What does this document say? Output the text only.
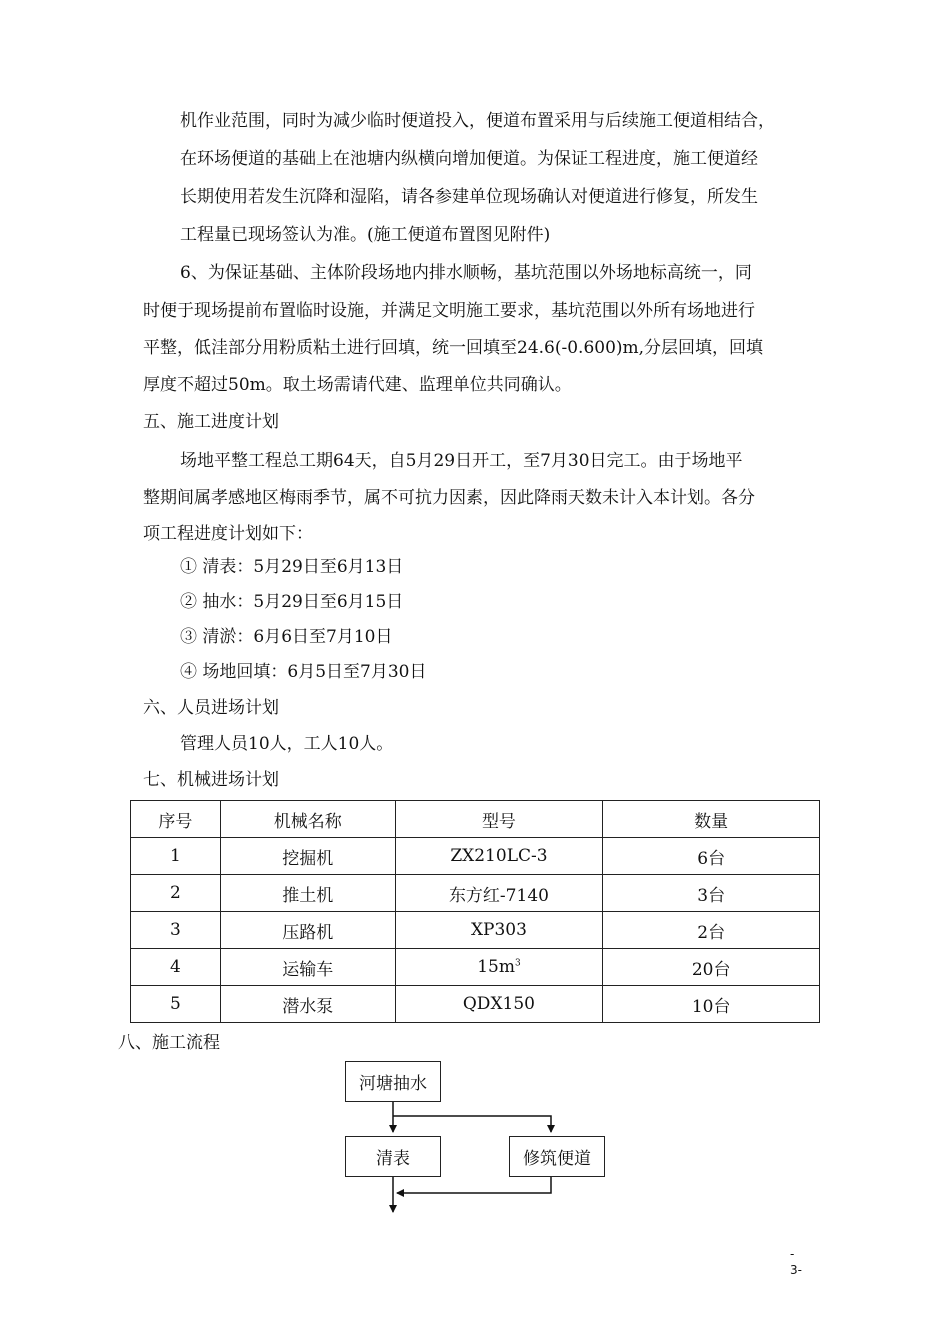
机作业范围，同时为减少临时便道投入，便道布置采用与后续施工便道相结合，
在环场便道的基础上在池塘内纵横向增加便道。为保证工程进度，施工便道经
长期使用若发生沉降和湿陷，请各参建单位现场确认对便道进行修复，所发生
工程量已现场签认为准。(施工便道布置图见附件)
6、为保证基础、主体阶段场地内排水顺畅，基坑范围以外场地标高统一，同
时便于现场提前布置临时设施，并满足文明施工要求，基坑范围以外所有场地进行
平整，低洼部分用粉质粘土进行回填，统一回填至24.6(-0.600)m,分层回填，回填
厚度不超过50m。取土场需请代建、监理单位共同确认。
五、施工进度计划
场地平整工程总工期64天，自5月29日开工，至7月30日完工。由于场地平
整期间属孝感地区梅雨季节，属不可抗力因素，因此降雨天数未计入本计划。各分
项工程进度计划如下：
① 清表：5月29日至6月13日
② 抽水：5月29日至6月15日
③ 清淤：6月6日至7月10日
④ 场地回填：6月5日至7月30日
六、人员进场计划
管理人员10人，工人10人。
七、机械进场计划
序号	机械名称	型号	数量
1	挖掘机	ZX210LC-3	6台
2	推土机	东方红-7140	3台
3	压路机	XP303	2台
4	运输车	$15m^3$	20台
5	潜水泵	QDX150	10台
八、施工流程
河塘抽水
清表	修筑便道
-
3-
